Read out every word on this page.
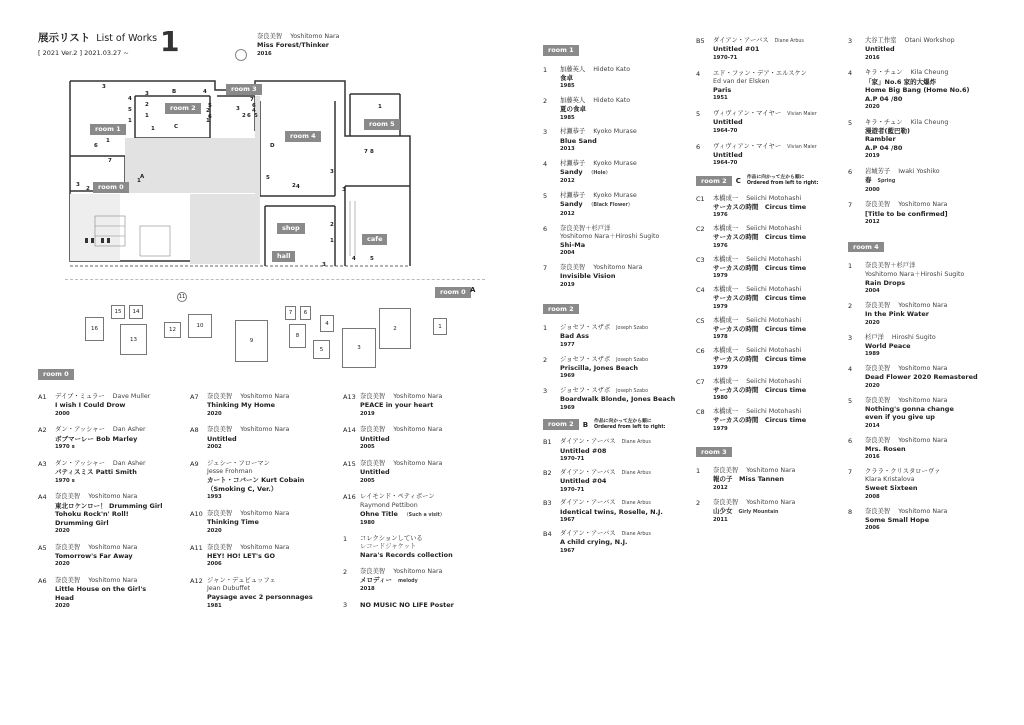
展示リスト List of Works
[ 2021 Ver.2 ] 2021.03.27 ~	1	奈良美智 Yoshitomo Nara
Miss Forest/Thinker
2016
room 1
room 2
room 3
room 4
room 5
room 0
shop
cafe
hall
3
4
5
1
3
2
1
B	4
2
1
5
6
3
2 6
7
4
5
6
C
1
1
6
7
3
2
1
A
D
5
4
3
7 8
1
2
3
2
1
3
4	5
room 0 A
11
16
15	14
13
12
10
9
7	6
8
4
5	3
2	1
room 0
A1 デイブ・ミュラー Dave Muller
I wish I Could Drow
2000
A2 ダン・アッシャー Dan Asher
ボブマーレー Bob Marley
1970 s
A3 ダン・アッシャー Dan Asher
パティスミス Patti Smith
1970 s
A4 奈良美智 Yoshitomo Nara
東北ロケンロー！ Drumming Girl
Tohoku Rock'n' Roll!
Drumming Girl
2020
A5 奈良美智 Yoshitomo Nara
Tomorrow's Far Away
2020
A6 奈良美智 Yoshitomo Nara
Little House on the Girl's
Head
2020
A7 奈良美智 Yoshitomo Nara
Thinking My Home
2020
A8 奈良美智 Yoshitomo Nara
Untitled
2002
A9 ジェシー・フローマン
Jesse Frohman
カート・コバーン Kurt Cobain
（Smoking C, Ver.）
1993
A10 奈良美智 Yoshitomo Nara
Thinking Time
2020
A11 奈良美智 Yoshitomo Nara
HEY! HO! LET's GO
2006
A12 ジャン・デュビュッフェ
Jean Dubuffet
Paysage avec 2 personnages
1981
A13 奈良美智 Yoshitomo Nara
PEACE in your heart
2019
A14 奈良美智 Yoshitomo Nara
Untitled
2005
A15 奈良美智 Yoshitomo Nara
Untitled
2005
A16 レイモンド・ペティボーン
Raymond Pettibon
Ohne Title （Such a visit）
1980
1 コレクションしている
レコードジャケット
Nara's Records collection
2 奈良美智 Yoshitomo Nara
メロディー melody
2018
3 NO MUSIC NO LIFE Poster
room 1
1 加藤英人 Hideto Kato
食卓
1985
2 加藤英人 Hideto Kato
夏の食卓
1985
3 村瀬恭子 Kyoko Murase
Blue Sand
2013
4 村瀬恭子 Kyoko Murase
Sandy （Hole）
2012
5 村瀬恭子 Kyoko Murase
Sandy （Black Flower）
2012
6 奈良美智＋杉戸洋
Yoshitomo Nara＋Hiroshi Sugito
Shi-Ma
2004
7 奈良美智 Yoshitomo Nara
Invisible Vision
2019
room 2
1 ジョセフ・スザボ Joseph Szabo
Bad Ass
1977
2 ジョセフ・スザボ Joseph Szabo
Priscilla, Jones Beach
1969
3 ジョセフ・スザボ Joseph Szabo
Boardwalk Blonde, Jones Beach
1969
room 2	B 作品に向かって左から順に
Ordered from left to right:
B1 ダイアン・アーバス Diane Arbus
Untitled #08
1970-71
B2 ダイアン・アーバス Diane Arbus
Untitled #04
1970-71
B3 ダイアン・アーバス Diane Arbus
Identical twins, Roselle, N.J.
1967
B4 ダイアン・アーバス Diane Arbus
A child crying, N.J.
1967
B5 ダイアン・アーバス Diane Arbus
Untitled #01
1970-71
4 エド・ファン・デア・エルスケン
Ed van der Elsken
Paris
1951
5 ヴィヴィアン・マイヤー Vivian Maier
Untitled
1964-70
6 ヴィヴィアン・マイヤー Vivian Maier
Untitled
1964-70
room 2	C 作品に向かって左から順に
Ordered from left to right:
C1 本橋成一 Seiichi Motohashi
サーカスの時間　Circus time
1976
C2 本橋成一 Seiichi Motohashi
サーカスの時間　Circus time
1976
C3 本橋成一 Seiichi Motohashi
サーカスの時間　Circus time
1979
C4 本橋成一 Seiichi Motohashi
サーカスの時間　Circus time
1979
C5 本橋成一 Seiichi Motohashi
サーカスの時間　Circus time
1978
C6 本橋成一 Seiichi Motohashi
サーカスの時間　Circus time
1979
C7 本橋成一 Seiichi Motohashi
サーカスの時間　Circus time
1980
C8 本橋成一 Seiichi Motohashi
サーカスの時間　Circus time
1979
room 3
1 奈良美智 Yoshitomo Nara
報の子　Miss Tannen
2012
2 奈良美智 Yoshitomo Nara
山少女 Girly Mountain
2011
3 大谷工作室 Otani Workshop
Untitled
2016
4 キラ・チュン Kila Cheung
「家」No.6 家的大爆炸
Home Big Bang (Home No.6)
A.P 04 /80
2020
5 キラ・チュン Kila Cheung
漫遊者(藍巴勒)
Rambler
A.P 04 /80
2019
6 岩城芳子 Iwaki Yoshiko
春 Spring
2000
7 奈良美智 Yoshitomo Nara
[Title to be confirmed]
2012
room 4
1 奈良美智＋杉戸洋
Yoshitomo Nara＋Hiroshi Sugito
Rain Drops
2004
2 奈良美智 Yoshitomo Nara
In the Pink Water
2020
3 杉戸洋 Hiroshi Sugito
World Peace
1989
4 奈良美智 Yoshitomo Nara
Dead Flower 2020 Remastered
2020
5 奈良美智 Yoshitomo Nara
Nothing's gonna change
even if you give up
2014
6 奈良美智 Yoshitomo Nara
Mrs. Rosen
2016
7 クララ・クリスタローヴァ
Klara Kristalova
Sweet Sixteen
2008
8 奈良美智 Yoshitomo Nara
Some Small Hope
2006
